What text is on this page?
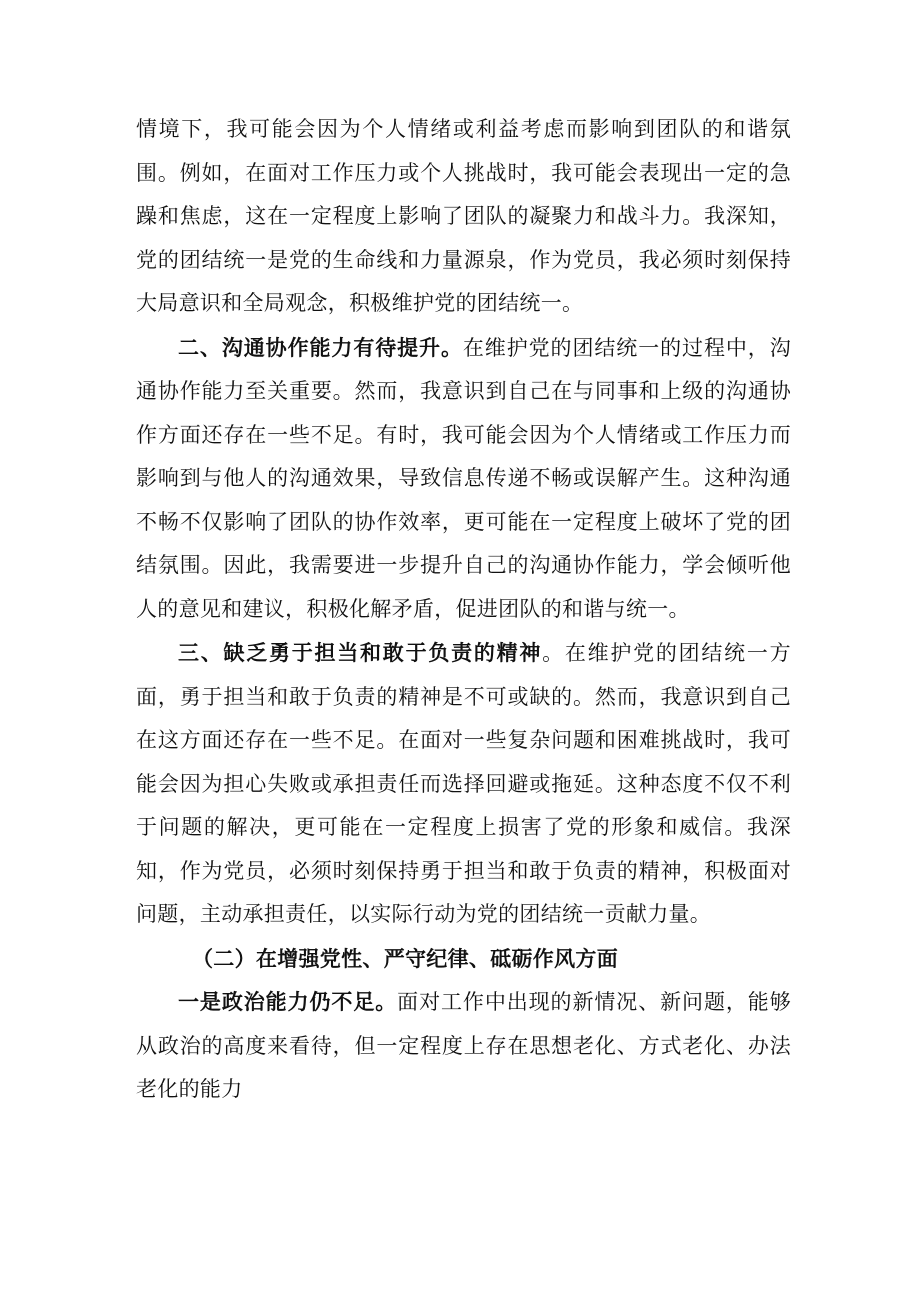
情境下，我可能会因为个人情绪或利益考虑而影响到团队的和谐氛围。例如，在面对工作压力或个人挑战时，我可能会表现出一定的急躁和焦虑，这在一定程度上影响了团队的凝聚力和战斗力。我深知，党的团结统一是党的生命线和力量源泉，作为党员，我必须时刻保持大局意识和全局观念，积极维护党的团结统一。

二、沟通协作能力有待提升。在维护党的团结统一的过程中，沟通协作能力至关重要。然而，我意识到自己在与同事和上级的沟通协作方面还存在一些不足。有时，我可能会因为个人情绪或工作压力而影响到与他人的沟通效果，导致信息传递不畅或误解产生。这种沟通不畅不仅影响了团队的协作效率，更可能在一定程度上破坏了党的团结氛围。因此，我需要进一步提升自己的沟通协作能力，学会倾听他人的意见和建议，积极化解矛盾，促进团队的和谐与统一。

三、缺乏勇于担当和敢于负责的精神。在维护党的团结统一方面，勇于担当和敢于负责的精神是不可或缺的。然而，我意识到自己在这方面还存在一些不足。在面对一些复杂问题和困难挑战时，我可能会因为担心失败或承担责任而选择回避或拖延。这种态度不仅不利于问题的解决，更可能在一定程度上损害了党的形象和威信。我深知，作为党员，必须时刻保持勇于担当和敢于负责的精神，积极面对问题，主动承担责任，以实际行动为党的团结统一贡献力量。

（二）在增强党性、严守纪律、砥砺作风方面

一是政治能力仍不足。面对工作中出现的新情况、新问题，能够从政治的高度来看待，但一定程度上存在思想老化、方式老化、办法老化的能力
